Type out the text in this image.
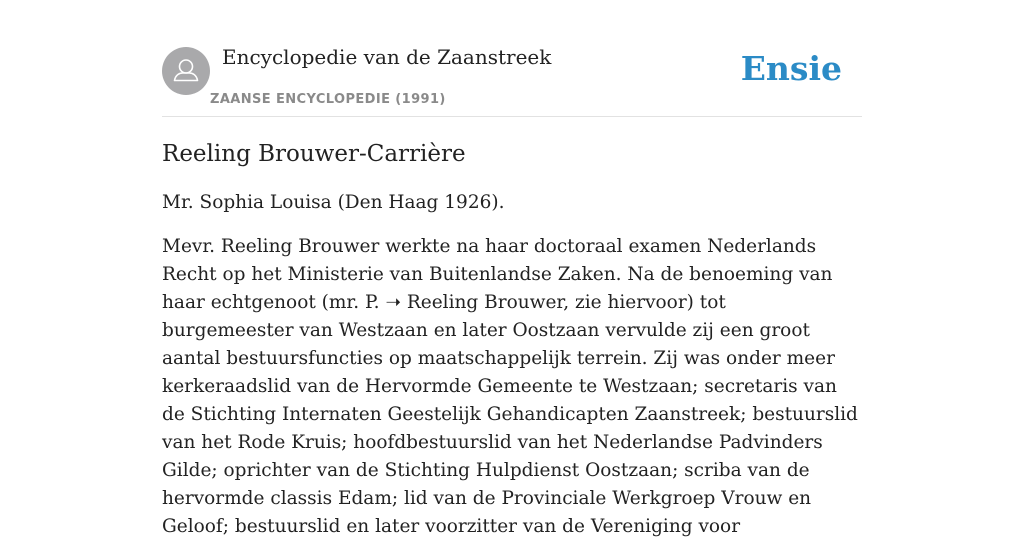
Encyclopedie van de Zaanstreek
ZAANSE ENCYCLOPEDIE (1991)
Ensie
Reeling Brouwer-Carrière

Mr. Sophia Louisa (Den Haag 1926).

Mevr. Reeling Brouwer werkte na haar doctoraal examen Nederlands Recht op het Ministerie van Buitenlandse Zaken. Na de benoeming van haar echtgenoot (mr. P. ➝ Reeling Brouwer, zie hiervoor) tot burgemeester van Westzaan en later Oostzaan vervulde zij een groot aantal bestuursfuncties op maatschappelijk terrein. Zij was onder meer kerkeraadslid van de Hervormde Gemeente te Westzaan; secretaris van de Stichting Internaten Geestelijk Gehandicapten Zaanstreek; bestuurslid van het Rode Kruis; hoofdbestuurslid van het Nederlandse Padvinders Gilde; oprichter van de Stichting Hulpdienst Oostzaan; scriba van de hervormde classis Edam; lid van de Provinciale Werkgroep Vrouw en Geloof; bestuurslid en later voorzitter van de Vereniging voor
